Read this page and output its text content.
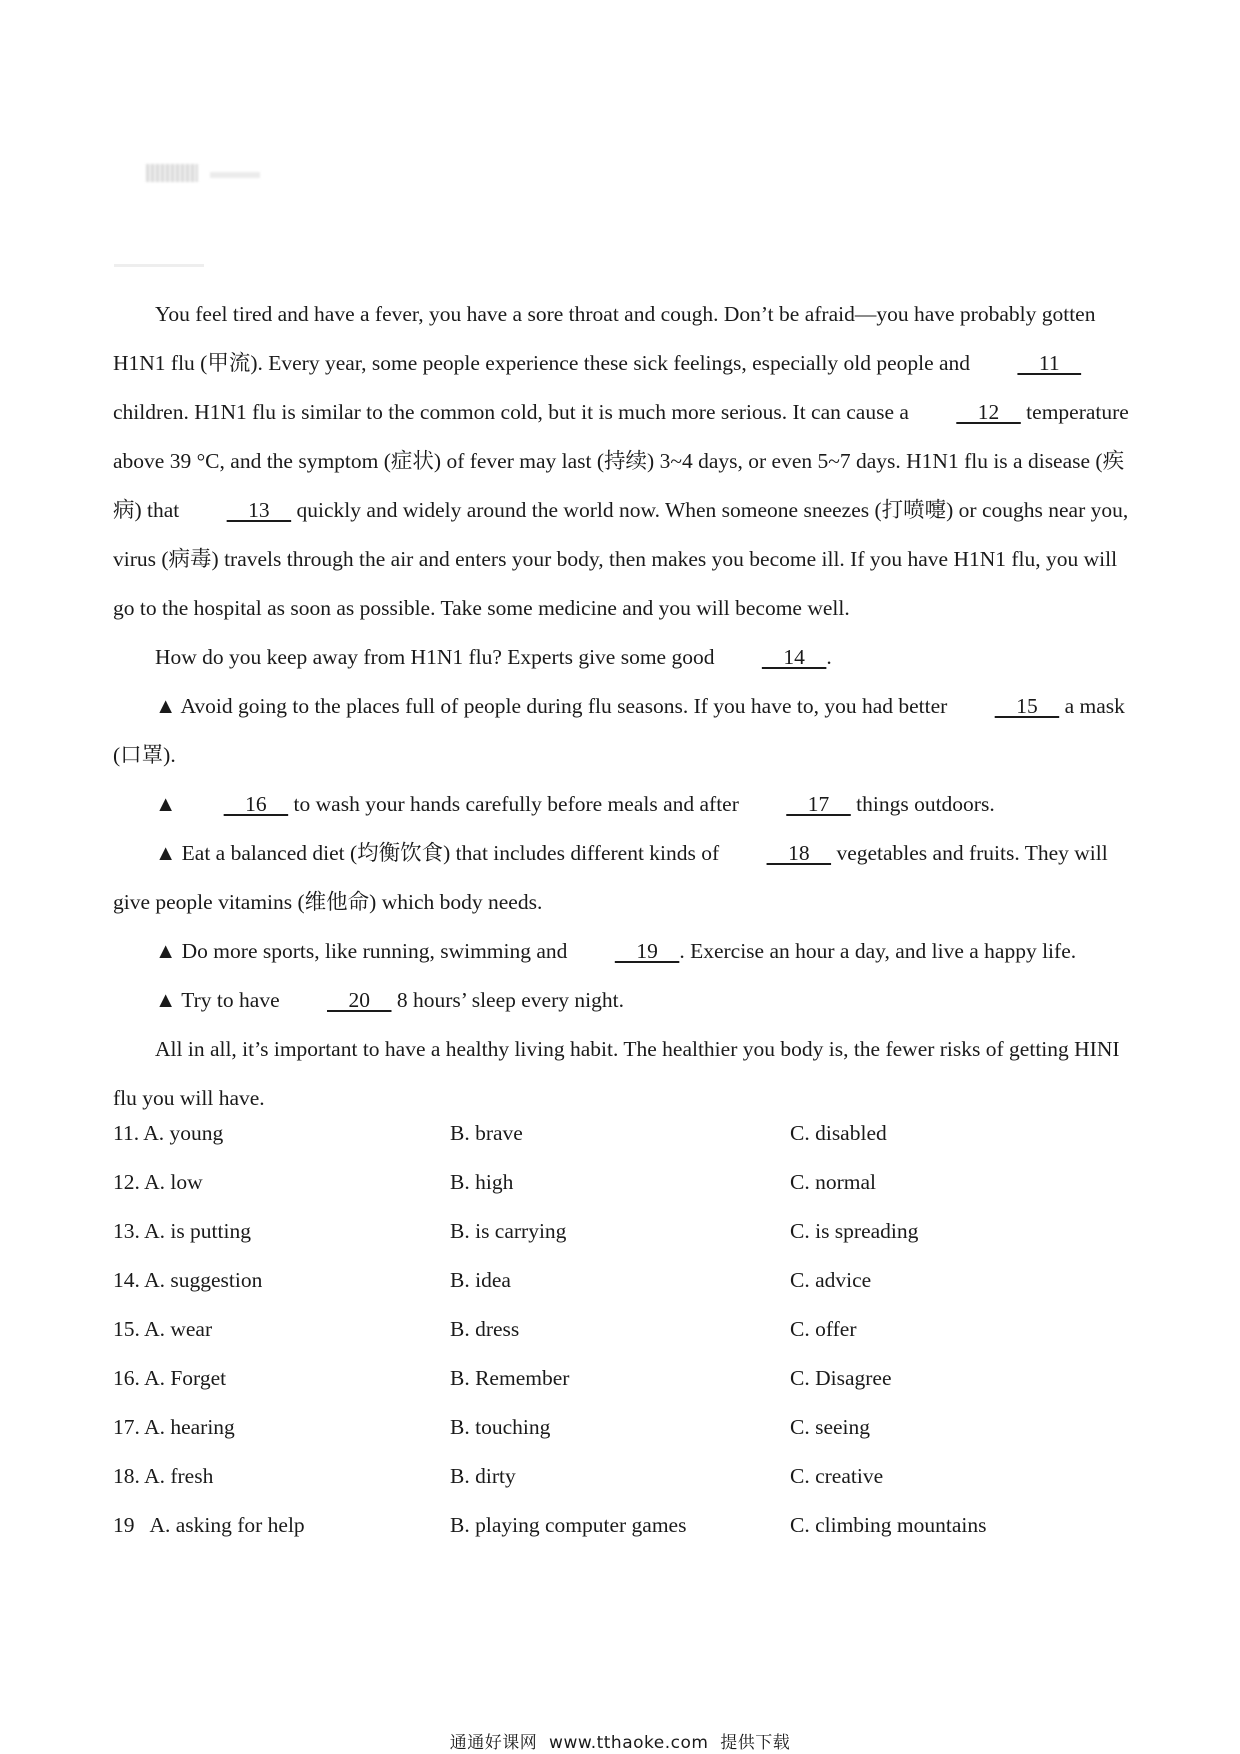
You feel tired and have a fever, you have a sore throat and cough. Don’t be afraid—you have probably gotten H1N1 flu (甲流). Every year, some people experience these sick feelings, especially old people and     11     children. H1N1 flu is similar to the common cold, but it is much more serious. It can cause a     12     temperature above 39 °C, and the symptom (症状) of fever may last (持续) 3~4 days, or even 5~7 days. H1N1 flu is a disease (疾病) that     13     quickly and widely around the world now. When someone sneezes (打喷嚏) or coughs near you, virus (病毒) travels through the air and enters your body, then makes you become ill. If you have H1N1 flu, you will go to the hospital as soon as possible. Take some medicine and you will become well.

How do you keep away from H1N1 flu? Experts give some good     14    .

▲ Avoid going to the places full of people during flu seasons. If you have to, you had better     15     a mask (口罩).

▲     16     to wash your hands carefully before meals and after     17     things outdoors.

▲ Eat a balanced diet (均衡饮食) that includes different kinds of     18     vegetables and fruits. They will give people vitamins (维他命) which body needs.

▲ Do more sports, like running, swimming and     19    . Exercise an hour a day, and live a happy life.

▲ Try to have     20     8 hours’ sleep every night.

All in all, it’s important to have a healthy living habit. The healthier you body is, the fewer risks of getting HINI flu you will have.

11. A. young	B. brave	C. disabled
12. A. low	B. high	C. normal
13. A. is putting	B. is carrying	C. is spreading
14. A. suggestion	B. idea	C. advice
15. A. wear	B. dress	C. offer
16. A. Forget	B. Remember	C. Disagree
17. A. hearing	B. touching	C. seeing
18. A. fresh	B. dirty	C. creative
19   A. asking for help	B. playing computer games	C. climbing mountains
通通好课网  www.tthaoke.com  提供下载
